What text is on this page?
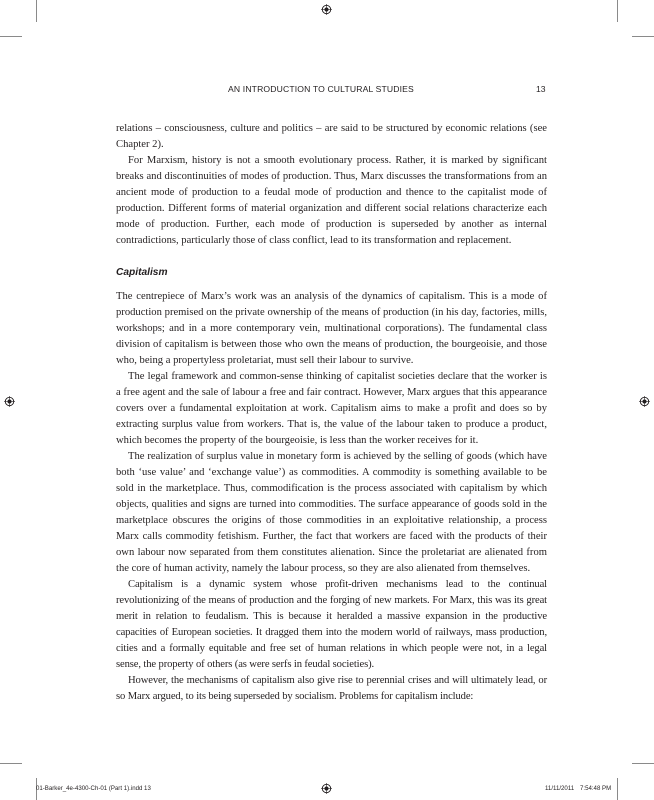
AN INTRODUCTION TO CULTURAL STUDIES	13

relations – consciousness, culture and politics – are said to be structured by economic relations (see Chapter 2).

For Marxism, history is not a smooth evolutionary process. Rather, it is marked by significant breaks and discontinuities of modes of production. Thus, Marx discusses the transformations from an ancient mode of production to a feudal mode of production and thence to the capitalist mode of production. Different forms of material organization and different social relations characterize each mode of production. Further, each mode of production is superseded by another as internal contradictions, particularly those of class conflict, lead to its transformation and replacement.

Capitalism

The centrepiece of Marx’s work was an analysis of the dynamics of capitalism. This is a mode of production premised on the private ownership of the means of production (in his day, factories, mills, workshops; and in a more contemporary vein, multinational corporations). The fundamental class division of capitalism is between those who own the means of production, the bourgeoisie, and those who, being a propertyless proletariat, must sell their labour to survive.

The legal framework and common-sense thinking of capitalist societies declare that the worker is a free agent and the sale of labour a free and fair contract. However, Marx argues that this appearance covers over a fundamental exploitation at work. Capitalism aims to make a profit and does so by extracting surplus value from workers. That is, the value of the labour taken to produce a product, which becomes the property of the bourgeoisie, is less than the worker receives for it.

The realization of surplus value in monetary form is achieved by the selling of goods (which have both ‘use value’ and ‘exchange value’) as commodities. A commodity is something available to be sold in the marketplace. Thus, commodification is the process associated with capitalism by which objects, qualities and signs are turned into commodities. The surface appearance of goods sold in the marketplace obscures the origins of those commodities in an exploitative relationship, a process Marx calls commodity fetishism. Further, the fact that workers are faced with the products of their own labour now separated from them constitutes alienation. Since the proletariat are alienated from the core of human activity, namely the labour process, so they are also alienated from themselves.

Capitalism is a dynamic system whose profit-driven mechanisms lead to the continual revolutionizing of the means of production and the forging of new markets. For Marx, this was its great merit in relation to feudalism. This is because it heralded a massive expansion in the productive capacities of European societies. It dragged them into the modern world of railways, mass production, cities and a formally equitable and free set of human relations in which people were not, in a legal sense, the property of others (as were serfs in feudal societies).

However, the mechanisms of capitalism also give rise to perennial crises and will ultimately lead, or so Marx argued, to its being superseded by socialism. Problems for capitalism include:

01-Barker_4e-4300-Ch-01 (Part 1).indd 13	11/11/2011 7:54:48 PM
